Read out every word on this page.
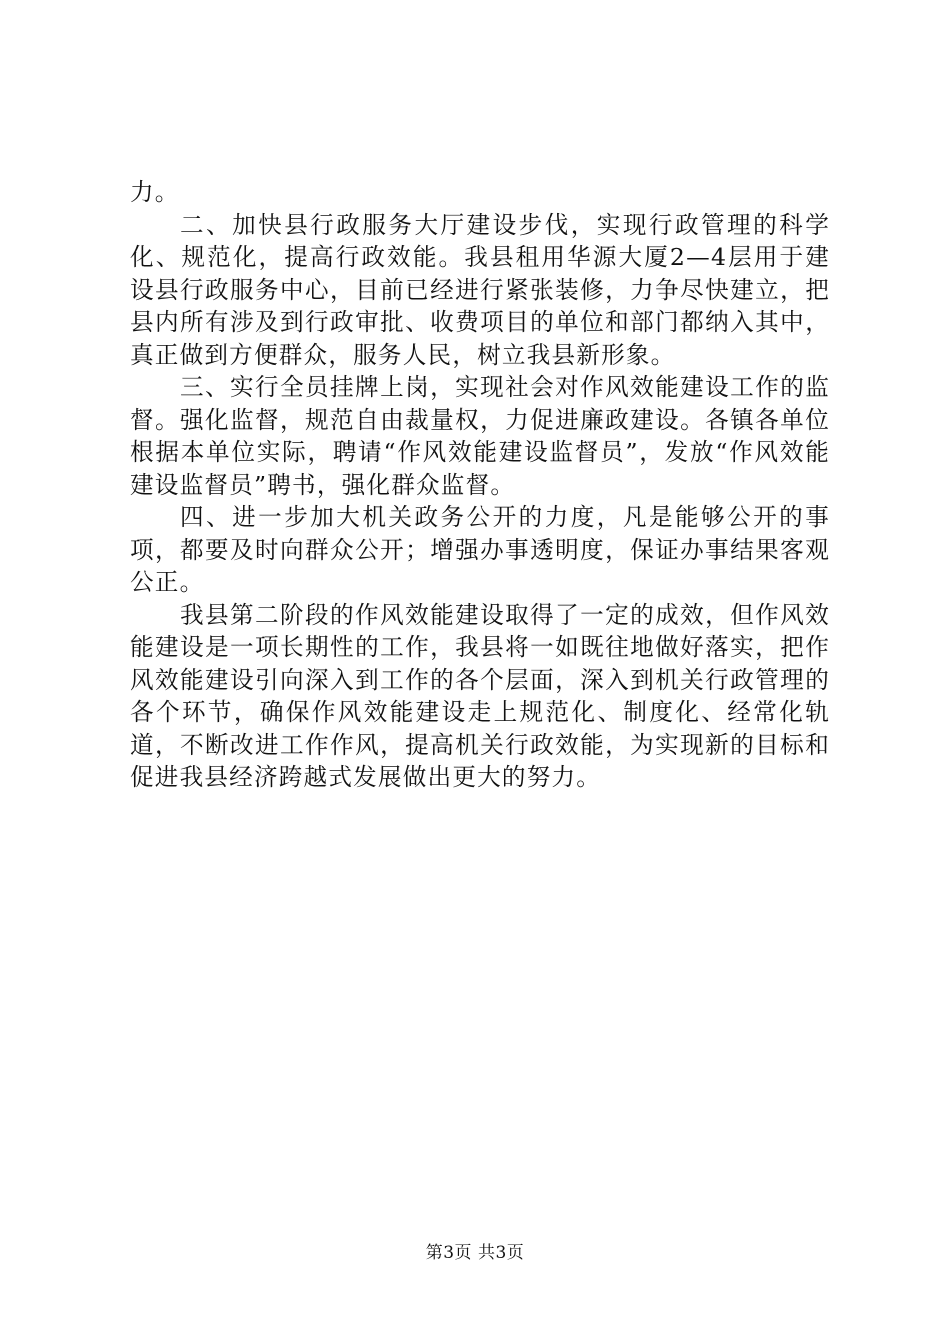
力。

二、加快县行政服务大厅建设步伐，实现行政管理的科学化、规范化，提高行政效能。我县租用华源大厦2—4层用于建设县行政服务中心，目前已经进行紧张装修，力争尽快建立，把县内所有涉及到行政审批、收费项目的单位和部门都纳入其中，真正做到方便群众，服务人民，树立我县新形象。

三、实行全员挂牌上岗，实现社会对作风效能建设工作的监督。强化监督，规范自由裁量权，力促进廉政建设。各镇各单位根据本单位实际，聘请“作风效能建设监督员”，发放“作风效能建设监督员”聘书，强化群众监督。

四、进一步加大机关政务公开的力度，凡是能够公开的事项，都要及时向群众公开；增强办事透明度，保证办事结果客观公正。

我县第二阶段的作风效能建设取得了一定的成效，但作风效能建设是一项长期性的工作，我县将一如既往地做好落实，把作风效能建设引向深入到工作的各个层面，深入到机关行政管理的各个环节，确保作风效能建设走上规范化、制度化、经常化轨道，不断改进工作作风，提高机关行政效能，为实现新的目标和促进我县经济跨越式发展做出更大的努力。

第3页 共3页
